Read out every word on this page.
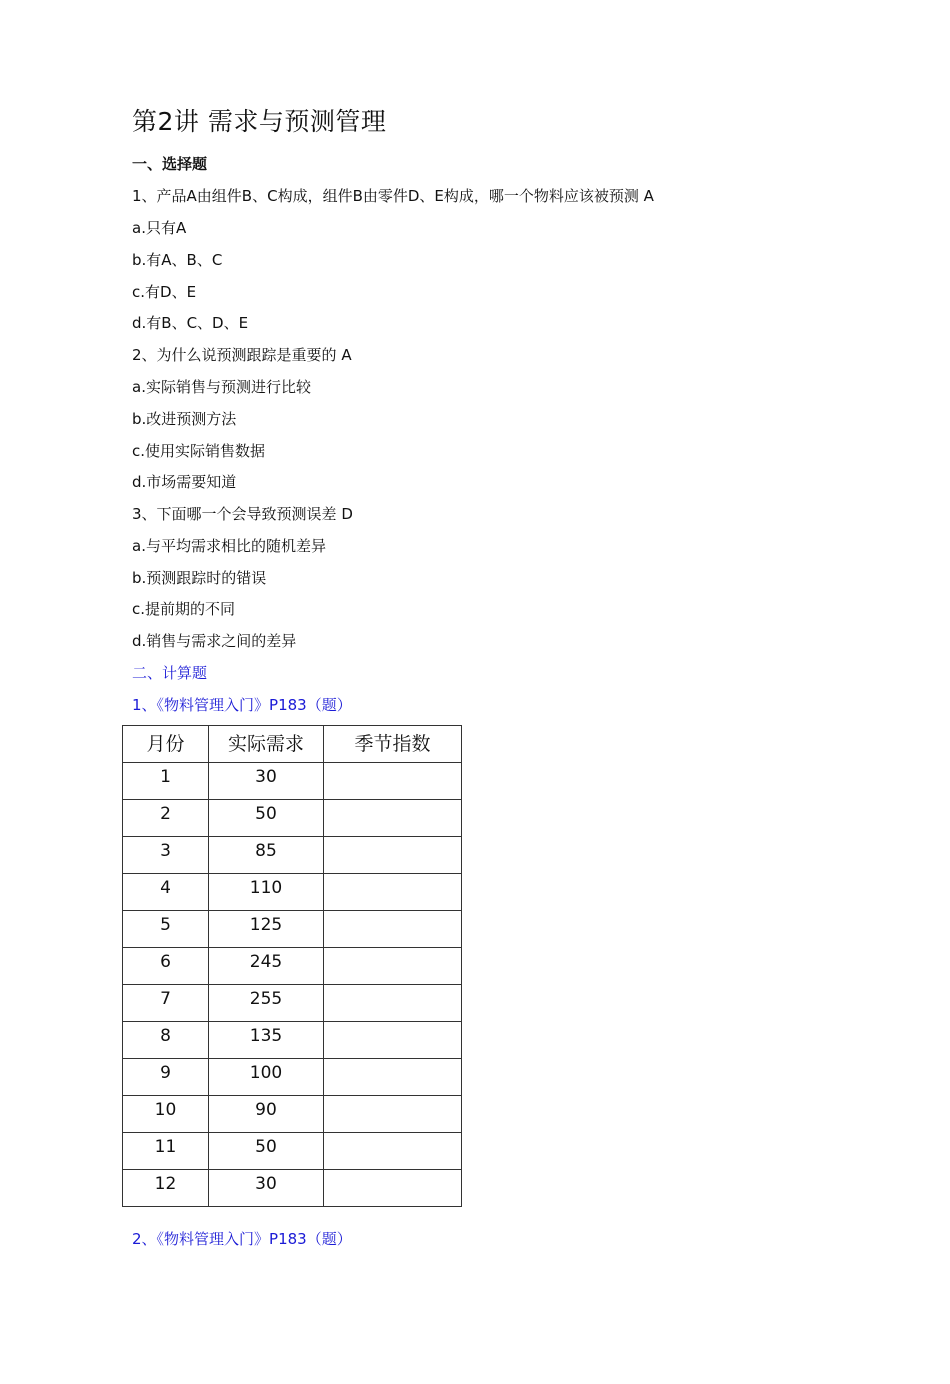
第2讲 需求与预测管理
一、选择题
1、产品A由组件B、C构成，组件B由零件D、E构成，哪一个物料应该被预测 A
a.只有A
b.有A、B、C
c.有D、E
d.有B、C、D、E
2、为什么说预测跟踪是重要的 A
a.实际销售与预测进行比较
b.改进预测方法
c.使用实际销售数据
d.市场需要知道
3、下面哪一个会导致预测误差 D
a.与平均需求相比的随机差异
b.预测跟踪时的错误
c.提前期的不同
d.销售与需求之间的差异
二、计算题
1、《物料管理入门》P183（题）
月份	实际需求	季节指数
1	30	
2	50	
3	85	
4	110	
5	125	
6	245	
7	255	
8	135	
9	100	
10	90	
11	50	
12	30	
2、《物料管理入门》P183（题）
